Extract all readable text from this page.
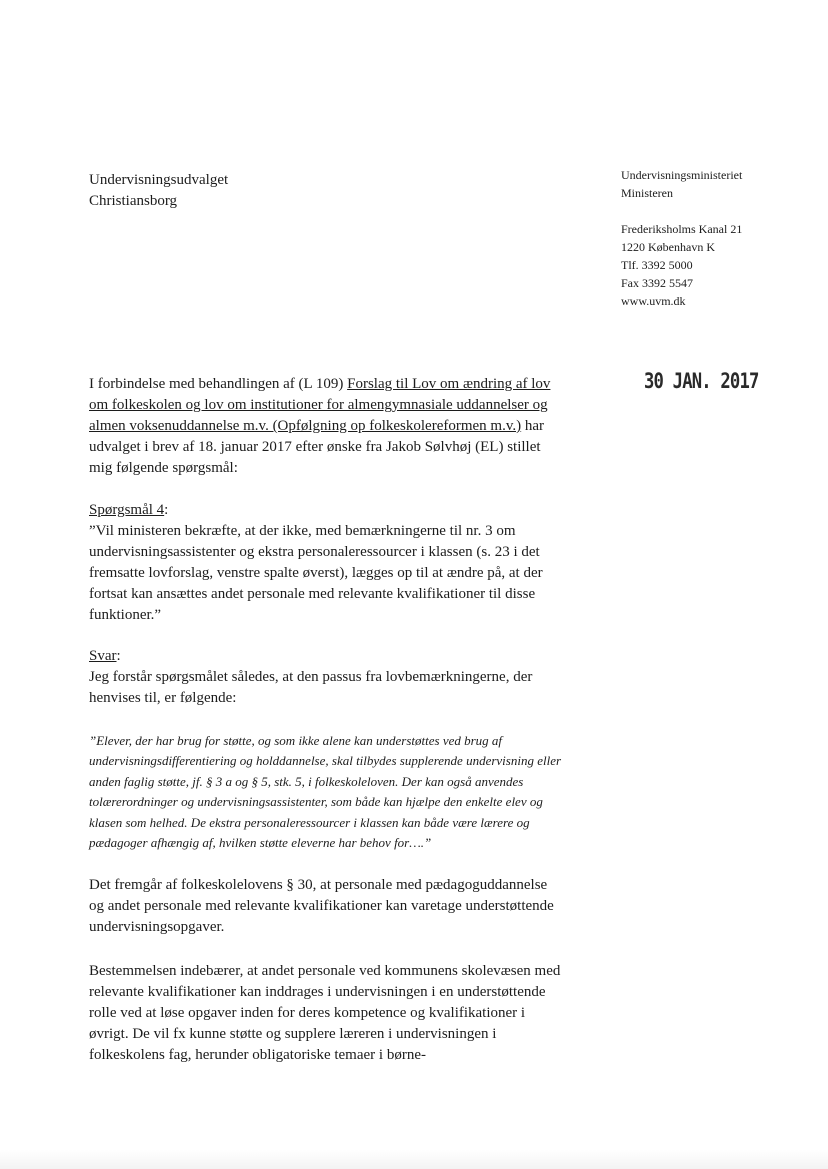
Undervisningsudvalget
Christiansborg
Undervisningsministeriet
Ministeren
Frederiksholms Kanal 21
1220 København K
Tlf. 3392 5000
Fax 3392 5547
www.uvm.dk
30 JAN. 2017

I forbindelse med behandlingen af (L 109) Forslag til Lov om ændring af lov om folkeskolen og lov om institutioner for almengymnasiale uddannelser og almen voksenuddannelse m.v. (Opfølgning op folkeskolereformen m.v.) har udvalget i brev af 18. januar 2017 efter ønske fra Jakob Sølvhøj (EL) stillet mig følgende spørgsmål:

Spørgsmål 4:

”Vil ministeren bekræfte, at der ikke, med bemærkningerne til nr. 3 om undervisningsassistenter og ekstra personaleressourcer i klassen (s. 23 i det fremsatte lovforslag, venstre spalte øverst), lægges op til at ændre på, at der fortsat kan ansættes andet personale med relevante kvalifikationer til disse funktioner.”

Svar:

Jeg forstår spørgsmålet således, at den passus fra lovbemærkningerne, der henvises til, er følgende:

”Elever, der har brug for støtte, og som ikke alene kan understøttes ved brug af undervisningsdifferentiering og holddannelse, skal tilbydes supplerende undervisning eller anden faglig støtte, jf. § 3 a og § 5, stk. 5, i folkeskoleloven. Der kan også anvendes tolærerordninger og undervisningsassistenter, som både kan hjælpe den enkelte elev og klasen som helhed. De ekstra personaleressourcer i klassen kan både være lærere og pædagoger afhængig af, hvilken støtte eleverne har behov for….”

Det fremgår af folkeskolelovens § 30, at personale med pædagoguddannelse og andet personale med relevante kvalifikationer kan varetage understøttende undervisningsopgaver.

Bestemmelsen indebærer, at andet personale ved kommunens skolevæsen med relevante kvalifikationer kan inddrages i undervisningen i en understøttende rolle ved at løse opgaver inden for deres kompetence og kvalifikationer i øvrigt. De vil fx kunne støtte og supplere læreren i undervisningen i folkeskolens fag, herunder obligatoriske temaer i børne-
